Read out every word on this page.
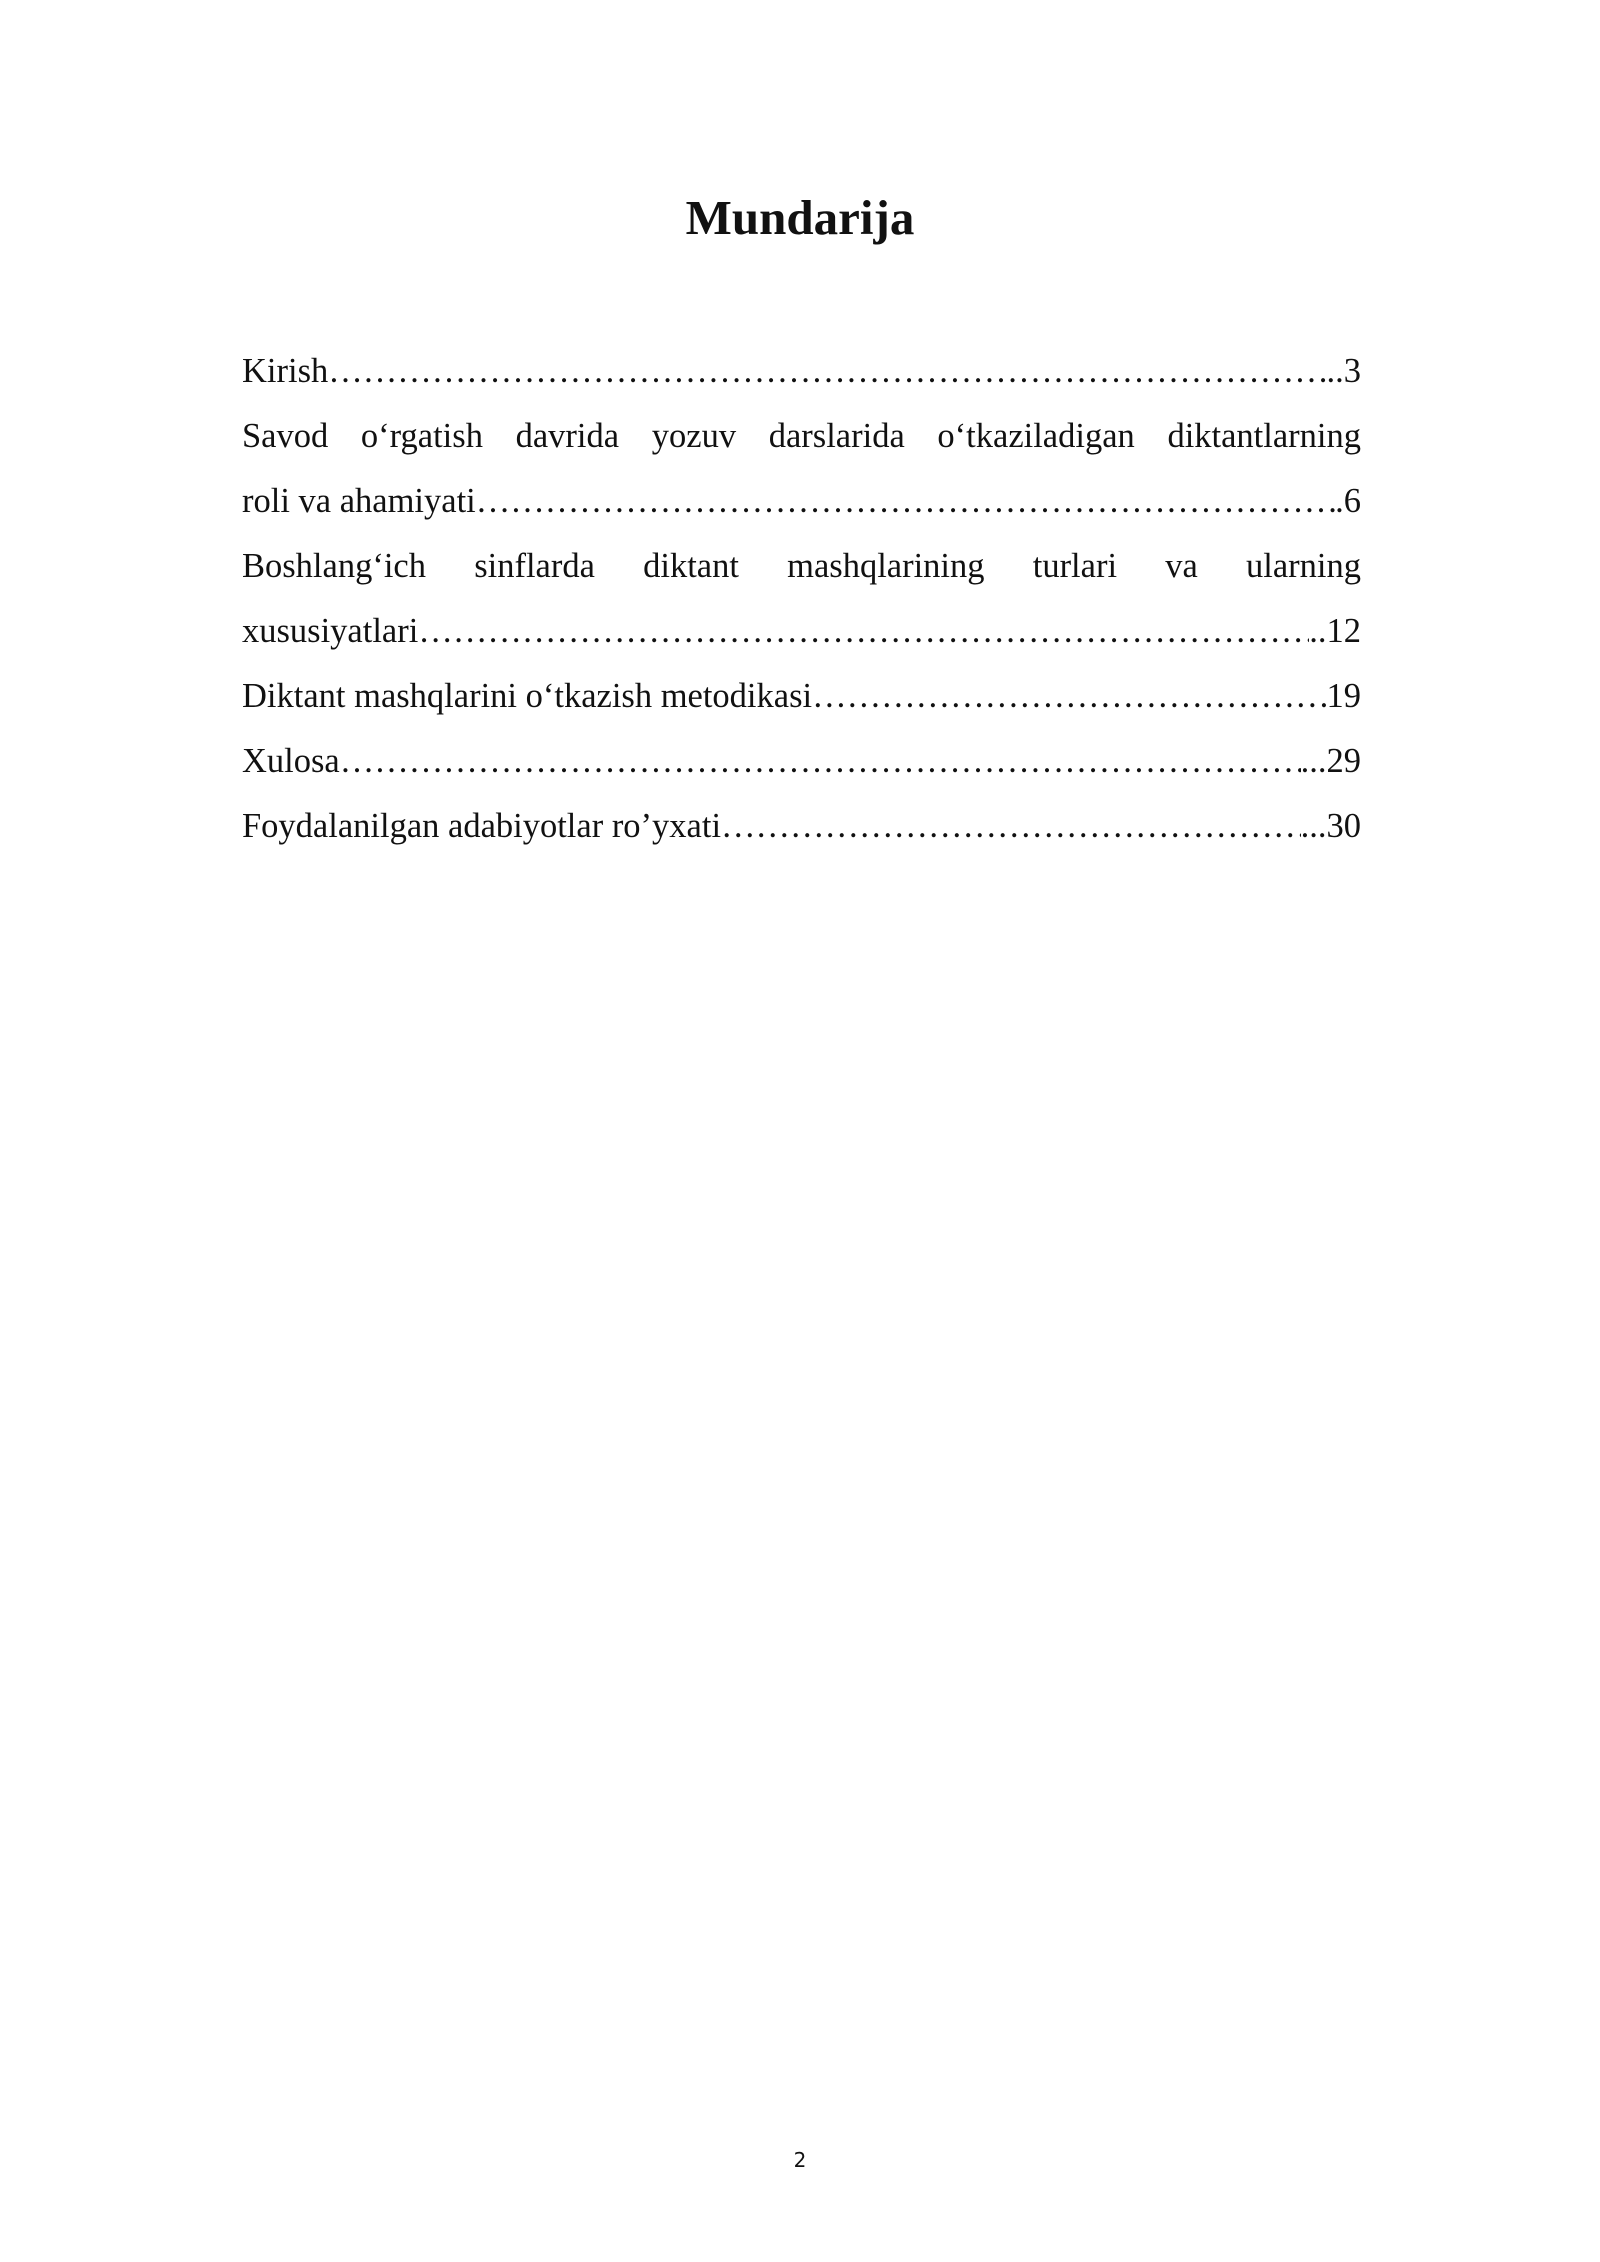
Mundarija
Kirish …………………………………………………………………………………………………………………………………………	..3
Savod o‘rgatish davrida yozuv darslarida o‘tkaziladigan diktantlarning
roli va ahamiyati …………………………………………………………………………………………………………………………………………	.6
Boshlang‘ich sinflarda diktant mashqlarining turlari va ularning
xususiyatlari …………………………………………………………………………………………………………………………………………	..12
Diktant mashqlarini o‘tkazish metodikasi …………………………………………………………………………………………………………………………………………	19
Xulosa …………………………………………………………………………………………………………………………………………	...29
Foydalanilgan adabiyotlar ro’yxati …………………………………………………………………………………………………………………………………………	...30
2
